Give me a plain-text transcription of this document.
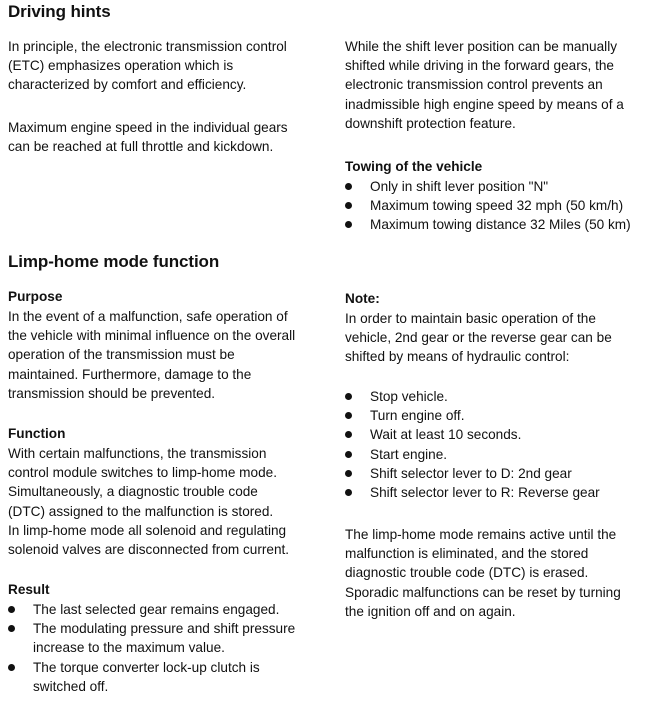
Driving hints

In principle, the electronic transmission control
(ETC) emphasizes operation which is
characterized by comfort and efficiency.

Maximum engine speed in the individual gears
can be reached at full throttle and kickdown.

While the shift lever position can be manually
shifted while driving in the forward gears, the
electronic transmission control prevents an
inadmissible high engine speed by means of a
downshift protection feature.

Towing of the vehicle
Only in shift lever position "N"
Maximum towing speed 32 mph (50 km/h)
Maximum towing distance 32 Miles (50 km)
Limp-home mode function
Purpose

In the event of a malfunction, safe operation of
the vehicle with minimal influence on the overall
operation of the transmission must be
maintained. Furthermore, damage to the
transmission should be prevented.

Function

With certain malfunctions, the transmission
control module switches to limp-home mode.
Simultaneously, a diagnostic trouble code
(DTC) assigned to the malfunction is stored.
In limp-home mode all solenoid and regulating
solenoid valves are disconnected from current.

Result
The last selected gear remains engaged.
The modulating pressure and shift pressure
increase to the maximum value.
The torque converter lock-up clutch is
switched off.
Note:

In order to maintain basic operation of the
vehicle, 2nd gear or the reverse gear can be
shifted by means of hydraulic control:

Stop vehicle.
Turn engine off.
Wait at least 10 seconds.
Start engine.
Shift selector lever to D: 2nd gear
Shift selector lever to R: Reverse gear

The limp-home mode remains active until the
malfunction is eliminated, and the stored
diagnostic trouble code (DTC) is erased.
Sporadic malfunctions can be reset by turning
the ignition off and on again.
